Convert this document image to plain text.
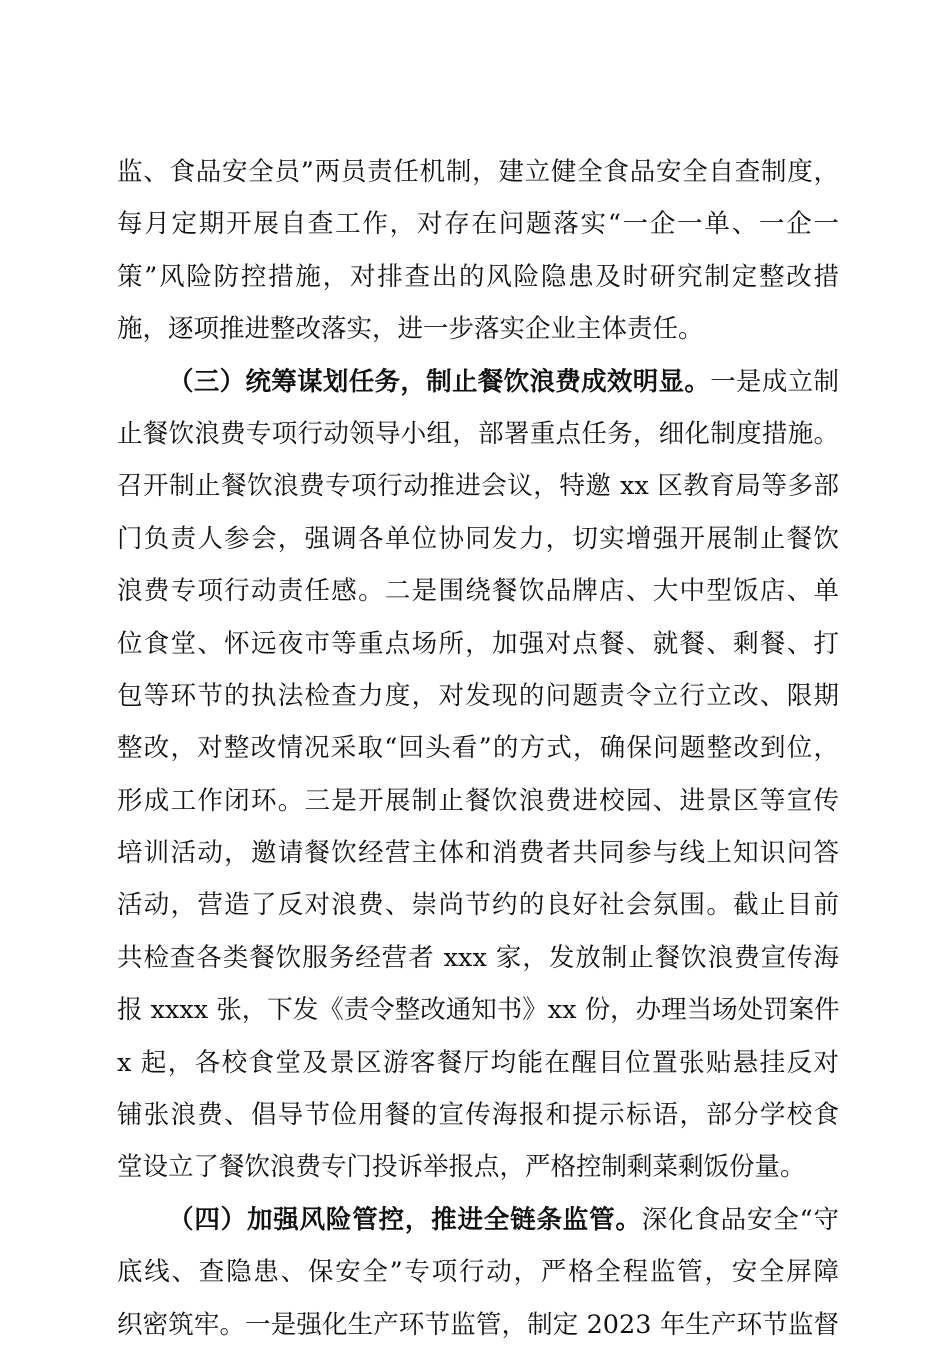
监、食品安全员”两员责任机制，建立健全食品安全自查制度，
每月定期开展自查工作，对存在问题落实“一企一单、一企一
策”风险防控措施，对排查出的风险隐患及时研究制定整改措
施，逐项推进整改落实，进一步落实企业主体责任。
（三）统筹谋划任务，制止餐饮浪费成效明显。一是成立制
止餐饮浪费专项行动领导小组，部署重点任务，细化制度措施。
召开制止餐饮浪费专项行动推进会议，特邀 xx 区教育局等多部
门负责人参会，强调各单位协同发力，切实增强开展制止餐饮
浪费专项行动责任感。二是围绕餐饮品牌店、大中型饭店、单
位食堂、怀远夜市等重点场所，加强对点餐、就餐、剩餐、打
包等环节的执法检查力度，对发现的问题责令立行立改、限期
整改，对整改情况采取“回头看”的方式，确保问题整改到位，
形成工作闭环。三是开展制止餐饮浪费进校园、进景区等宣传
培训活动，邀请餐饮经营主体和消费者共同参与线上知识问答
活动，营造了反对浪费、崇尚节约的良好社会氛围。截止目前
共检查各类餐饮服务经营者 xxx 家，发放制止餐饮浪费宣传海
报 xxxx 张，下发《责令整改通知书》xx 份，办理当场处罚案件
x 起，各校食堂及景区游客餐厅均能在醒目位置张贴悬挂反对
铺张浪费、倡导节俭用餐的宣传海报和提示标语，部分学校食
堂设立了餐饮浪费专门投诉举报点，严格控制剩菜剩饭份量。
（四）加强风险管控，推进全链条监管。深化食品安全“守
底线、查隐患、保安全”专项行动，严格全程监管，安全屏障
织密筑牢。一是强化生产环节监管，制定 2023 年生产环节监督
